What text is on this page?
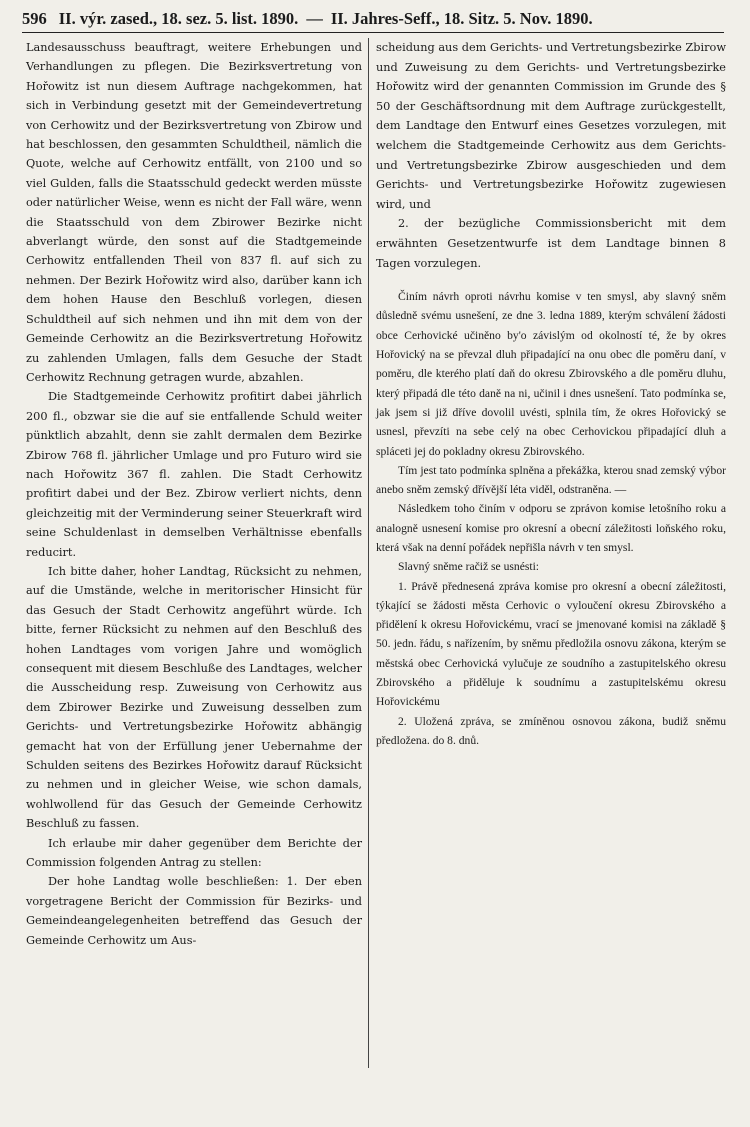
596 II. výr. zased., 18. sez. 5. list. 1890. — II. Jahres-Seff., 18. Sitz. 5. Nov. 1890.

Landesausschuss beauftragt, weitere Erhebungen und Verhandlungen zu pflegen. Die Bezirksvertretung von Hořowitz ist nun diesem Auftrage nachgekommen, hat sich in Verbindung gesetzt mit der Gemeindevertretung von Cerhowitz und der Bezirksvertretung von Zbirow und hat beschlossen, den gesammten Schuldtheil, nämlich die Quote, welche auf Cerhowitz entfällt, von 2100 und so viel Gulden, falls die Staatsschuld gedeckt werden müsste oder natürlicher Weise, wenn es nicht der Fall wäre, wenn die Staatsschuld von dem Zbirower Bezirke nicht abverlangt würde, den sonst auf die Stadtgemeinde Cerhowitz entfallenden Theil von 837 fl. auf sich zu nehmen. Der Bezirk Hořowitz wird also, darüber kann ich dem hohen Hause den Beschluß vorlegen, diesen Schuldtheil auf sich nehmen und ihn mit dem von der Gemeinde Cerhowitz an die Bezirksvertretung Hořowitz zu zahlenden Umlagen, falls dem Gesuche der Stadt Cerhowitz Rechnung getragen wurde, abzahlen.

Die Stadtgemeinde Cerhowitz profitirt dabei jährlich 200 fl., obzwar sie die auf sie entfallende Schuld weiter pünktlich abzahlt, denn sie zahlt dermalen dem Bezirke Zbirow 768 fl. jährlicher Umlage und pro Futuro wird sie nach Hořowitz 367 fl. zahlen. Die Stadt Cerhowitz profitirt dabei und der Bez. Zbirow verliert nichts, denn gleichzeitig mit der Verminderung seiner Steuerkraft wird seine Schuldenlast in demselben Verhältnisse ebenfalls reducirt.

Ich bitte daher, hoher Landtag, Rücksicht zu nehmen, auf die Umstände, welche in meritorischer Hinsicht für das Gesuch der Stadt Cerhowitz angeführt würde. Ich bitte, ferner Rücksicht zu nehmen auf den Beschluß des hohen Landtages vom vorigen Jahre und womöglich consequent mit diesem Beschluße des Landtages, welcher die Ausscheidung resp. Zuweisung von Cerhowitz aus dem Zbirower Bezirke und Zuweisung desselben zum Gerichts- und Vertretungsbezirke Hořowitz abhängig gemacht hat von der Erfüllung jener Uebernahme der Schulden seitens des Bezirkes Hořowitz darauf Rücksicht zu nehmen und in gleicher Weise, wie schon damals, wohlwollend für das Gesuch der Gemeinde Cerhowitz Beschluß zu fassen.

Ich erlaube mir daher gegenüber dem Berichte der Commission folgenden Antrag zu stellen:

Der hohe Landtag wolle beschließen: 1. Der eben vorgetragene Bericht der Commission für Bezirks- und Gemeindeangelegenheiten betreffend das Gesuch der Gemeinde Cerhowitz um Aus-

scheidung aus dem Gerichts- und Vertretungsbezirke Zbirow und Zuweisung zu dem Gerichts- und Vertretungsbezirke Hořowitz wird der genannten Commission im Grunde des § 50 der Geschäftsordnung mit dem Auftrage zurückgestellt, dem Landtage den Entwurf eines Gesetzes vorzulegen, mit welchem die Stadtgemeinde Cerhowitz aus dem Gerichts- und Vertretungsbezirke Zbirow ausgeschieden und dem Gerichts- und Vertretungsbezirke Hořowitz zugewiesen wird, und

2. der bezügliche Commissionsbericht mit dem erwähnten Gesetzentwurfe ist dem Landtage binnen 8 Tagen vorzulegen.

Činím návrh oproti návrhu komise v ten smysl, aby slavný sněm důsledně svému usnešení, ze dne 3. ledna 1889, kterým schválení žádosti obce Cerhovické učiněno by'o závislým od okolností té, že by okres Hořovický na se převzal dluh připadající na onu obec dle poměru daní, v poměru, dle kterého platí daň do okresu Zbirovského a dle poměru dluhu, který připadá dle této daně na ni, učinil i dnes usnešení. Tato podmínka se, jak jsem si již dříve dovolil uvésti, splnila tím, že okres Hořovický se usnesl, převzíti na sebe celý na obec Cerhovickou připadající dluh a spláceti jej do pokladny okresu Zbirovského.

Tím jest tato podmínka splněna a překážka, kterou snad zemský výbor anebo sněm zemský dřívější léta viděl, odstraněna. —

Následkem toho činím v odporu se zprávon komise letošního roku a analogně usnesení komise pro okresní a obecní záležitosti loňského roku, která však na denní pořádek nepřišla návrh v ten smysl.

Slavný sněme račiž se usnésti:

1. Právě přednesená zpráva komise pro okresní a obecní záležitosti, týkající se žádosti města Cerhovic o vyloučení okresu Zbirovského a přidělení k okresu Hořovickému, vrací se jmenované komisi na základě § 50. jedn. řádu, s nařízením, by sněmu předložila osnovu zákona, kterým se městská obec Cerhovická vylučuje ze soudního a zastupitelského okresu Zbirovského a přiděluje k soudnímu a zastupitelskému okresu Hořovickému

2. Uložená zpráva, se zmíněnou osnovou zákona, budiž sněmu předložena. do 8. dnů.
